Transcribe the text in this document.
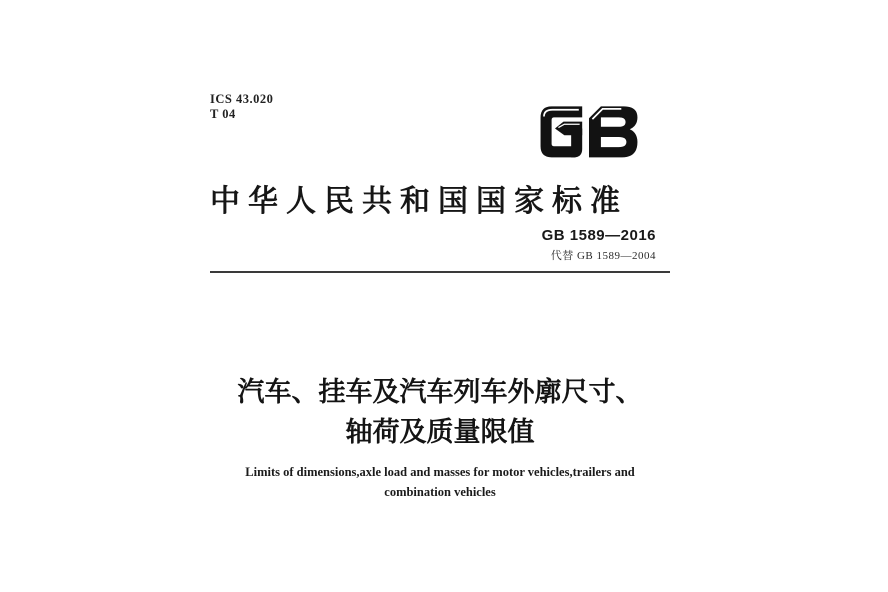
ICS 43.020
T 04
中华人民共和国国家标准
GB 1589—2016
代替 GB 1589—2004
汽车、挂车及汽车列车外廓尺寸、
轴荷及质量限值
Limits of dimensions,axle load and masses for motor vehicles,trailers and
combination vehicles
